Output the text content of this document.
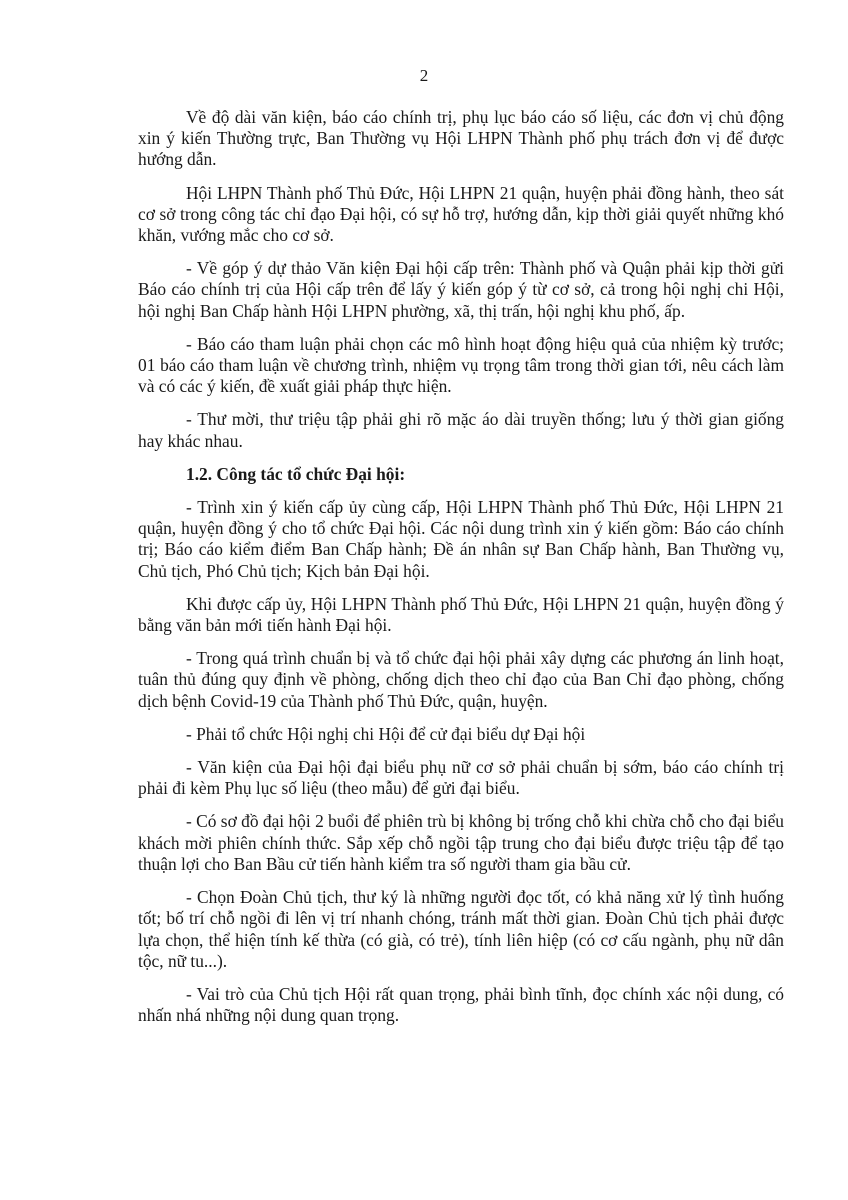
2

Về độ dài văn kiện, báo cáo chính trị, phụ lục báo cáo số liệu, các đơn vị chủ động xin ý kiến Thường trực, Ban Thường vụ Hội LHPN Thành phố phụ trách đơn vị để được hướng dẫn.

Hội LHPN Thành phố Thủ Đức, Hội LHPN 21 quận, huyện phải đồng hành, theo sát cơ sở trong công tác chỉ đạo Đại hội, có sự hỗ trợ, hướng dẫn, kịp thời giải quyết những khó khăn, vướng mắc cho cơ sở.

- Về góp ý dự thảo Văn kiện Đại hội cấp trên: Thành phố và Quận phải kịp thời gửi Báo cáo chính trị của Hội cấp trên để lấy ý kiến góp ý từ cơ sở, cả trong hội nghị chi Hội, hội nghị Ban Chấp hành Hội LHPN phường, xã, thị trấn, hội nghị khu phố, ấp.

- Báo cáo tham luận phải chọn các mô hình hoạt động hiệu quả của nhiệm kỳ trước; 01 báo cáo tham luận về chương trình, nhiệm vụ trọng tâm trong thời gian tới, nêu cách làm và có các ý kiến, đề xuất giải pháp thực hiện.

- Thư mời, thư triệu tập phải ghi rõ mặc áo dài truyền thống; lưu ý thời gian giống hay khác nhau.

1.2. Công tác tổ chức Đại hội:

- Trình xin ý kiến cấp ủy cùng cấp, Hội LHPN Thành phố Thủ Đức, Hội LHPN 21 quận, huyện đồng ý cho tổ chức Đại hội. Các nội dung trình xin ý kiến gồm: Báo cáo chính trị; Báo cáo kiểm điểm Ban Chấp hành; Đề án nhân sự Ban Chấp hành, Ban Thường vụ, Chủ tịch, Phó Chủ tịch; Kịch bản Đại hội.

Khi được cấp ủy, Hội LHPN Thành phố Thủ Đức, Hội LHPN 21 quận, huyện đồng ý bằng văn bản mới tiến hành Đại hội.

- Trong quá trình chuẩn bị và tổ chức đại hội phải xây dựng các phương án linh hoạt, tuân thủ đúng quy định về phòng, chống dịch theo chỉ đạo của Ban Chỉ đạo phòng, chống dịch bệnh Covid-19 của Thành phố Thủ Đức, quận, huyện.

- Phải tổ chức Hội nghị chi Hội để cử đại biểu dự Đại hội

- Văn kiện của Đại hội đại biểu phụ nữ cơ sở phải chuẩn bị sớm, báo cáo chính trị phải đi kèm Phụ lục số liệu (theo mẫu) để gửi đại biểu.

- Có sơ đồ đại hội 2 buổi để phiên trù bị không bị trống chỗ khi chừa chỗ cho đại biểu khách mời phiên chính thức. Sắp xếp chỗ ngồi tập trung cho đại biểu được triệu tập để tạo thuận lợi cho Ban Bầu cử tiến hành kiểm tra số người tham gia bầu cử.

- Chọn Đoàn Chủ tịch, thư ký là những người đọc tốt, có khả năng xử lý tình huống tốt; bố trí chỗ ngồi đi lên vị trí nhanh chóng, tránh mất thời gian. Đoàn Chủ tịch phải được lựa chọn, thể hiện tính kế thừa (có già, có trẻ), tính liên hiệp (có cơ cấu ngành, phụ nữ dân tộc, nữ tu...).

- Vai trò của Chủ tịch Hội rất quan trọng, phải bình tĩnh, đọc chính xác nội dung, có nhấn nhá những nội dung quan trọng.
